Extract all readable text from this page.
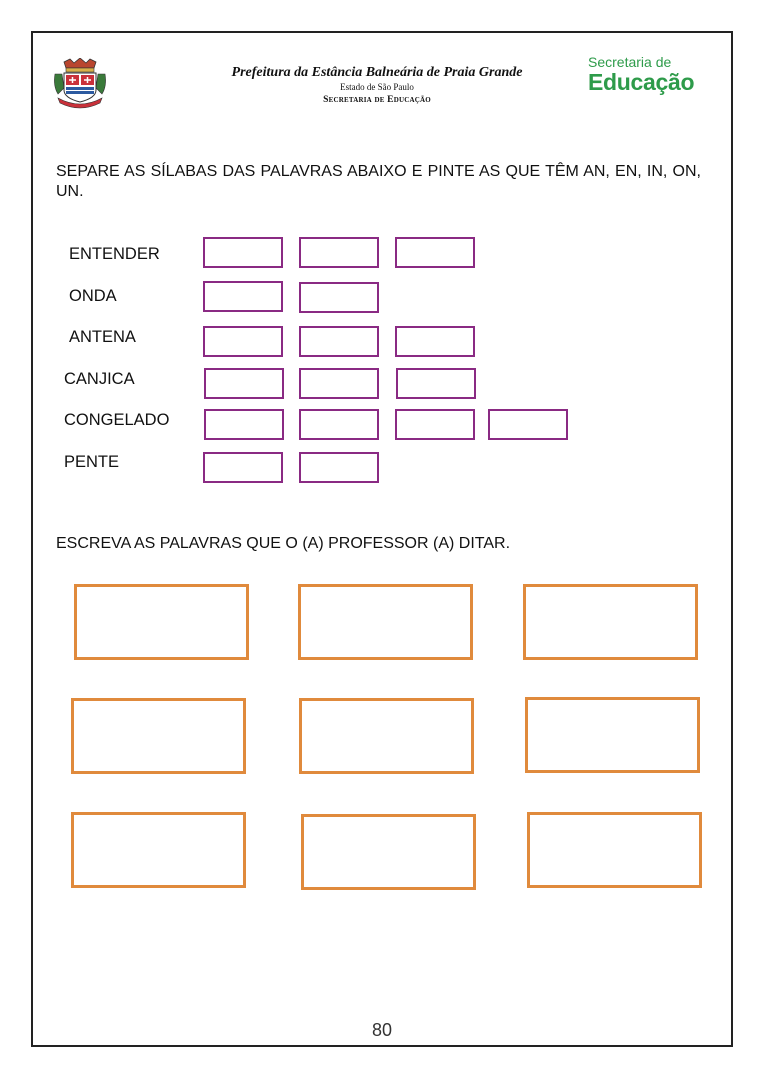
Prefeitura da Estância Balneária de Praia Grande
Estado de São Paulo
Secretaria de Educação
Secretaria de
Educação
SEPARE AS SÍLABAS DAS PALAVRAS ABAIXO E PINTE AS QUE TÊM AN, EN, IN, ON, UN.
ENTENDER
ONDA
ANTENA
CANJICA
CONGELADO
PENTE
ESCREVA AS PALAVRAS QUE O (A) PROFESSOR (A) DITAR.
80
